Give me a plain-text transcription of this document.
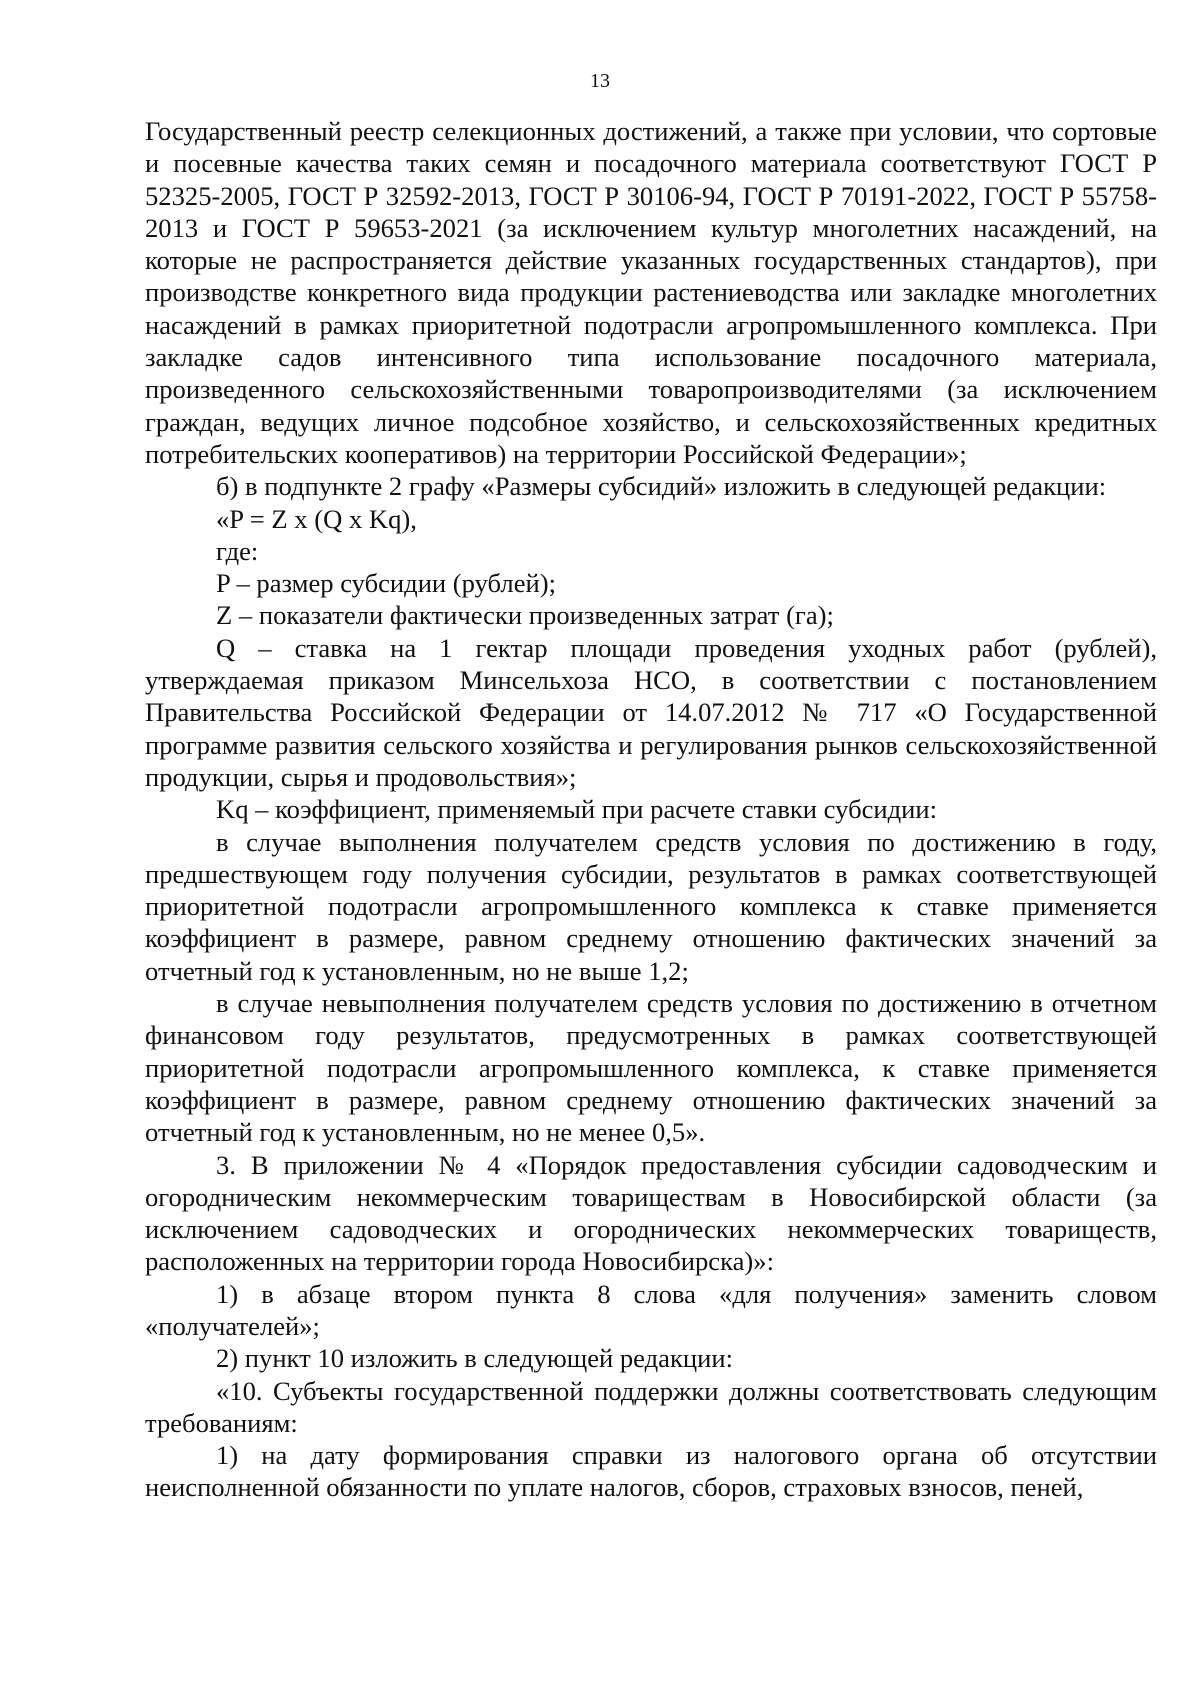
13

Государственный реестр селекционных достижений, а также при условии, что сортовые и посевные качества таких семян и посадочного материала соответствуют ГОСТ Р 52325-2005, ГОСТ Р 32592-2013, ГОСТ Р 30106-94, ГОСТ Р 70191-2022, ГОСТ Р 55758-2013 и ГОСТ Р 59653-2021 (за исключением культур многолетних насаждений, на которые не распространяется действие указанных государственных стандартов), при производстве конкретного вида продукции растениеводства или закладке многолетних насаждений в рамках приоритетной подотрасли агропромышленного комплекса. При закладке садов интенсивного типа использование посадочного материала, произведенного сельскохозяйственными товаропроизводителями (за исключением граждан, ведущих личное подсобное хозяйство, и сельскохозяйственных кредитных потребительских кооперативов) на территории Российской Федерации»;

б) в подпункте 2 графу «Размеры субсидий» изложить в следующей редакции:

«P = Z x (Q x Kq),

где:

P – размер субсидии (рублей);

Z – показатели фактически произведенных затрат (га);

Q – ставка на 1 гектар площади проведения уходных работ (рублей), утверждаемая приказом Минсельхоза НСО, в соответствии с постановлением Правительства Российской Федерации от 14.07.2012 № 717 «О Государственной программе развития сельского хозяйства и регулирования рынков сельскохозяйственной продукции, сырья и продовольствия»;

Kq – коэффициент, применяемый при расчете ставки субсидии:

в случае выполнения получателем средств условия по достижению в году, предшествующем году получения субсидии, результатов в рамках соответствующей приоритетной подотрасли агропромышленного комплекса к ставке применяется коэффициент в размере, равном среднему отношению фактических значений за отчетный год к установленным, но не выше 1,2;

в случае невыполнения получателем средств условия по достижению в отчетном финансовом году результатов, предусмотренных в рамках соответствующей приоритетной подотрасли агропромышленного комплекса, к ставке применяется коэффициент в размере, равном среднему отношению фактических значений за отчетный год к установленным, но не менее 0,5».

3. В приложении № 4 «Порядок предоставления субсидии садоводческим и огородническим некоммерческим товариществам в Новосибирской области (за исключением садоводческих и огороднических некоммерческих товариществ, расположенных на территории города Новосибирска)»:

1) в абзаце втором пункта 8 слова «для получения» заменить словом «получателей»;

2) пункт 10 изложить в следующей редакции:

«10. Субъекты государственной поддержки должны соответствовать следующим требованиям:

1) на дату формирования справки из налогового органа об отсутствии неисполненной обязанности по уплате налогов, сборов, страховых взносов, пеней,
